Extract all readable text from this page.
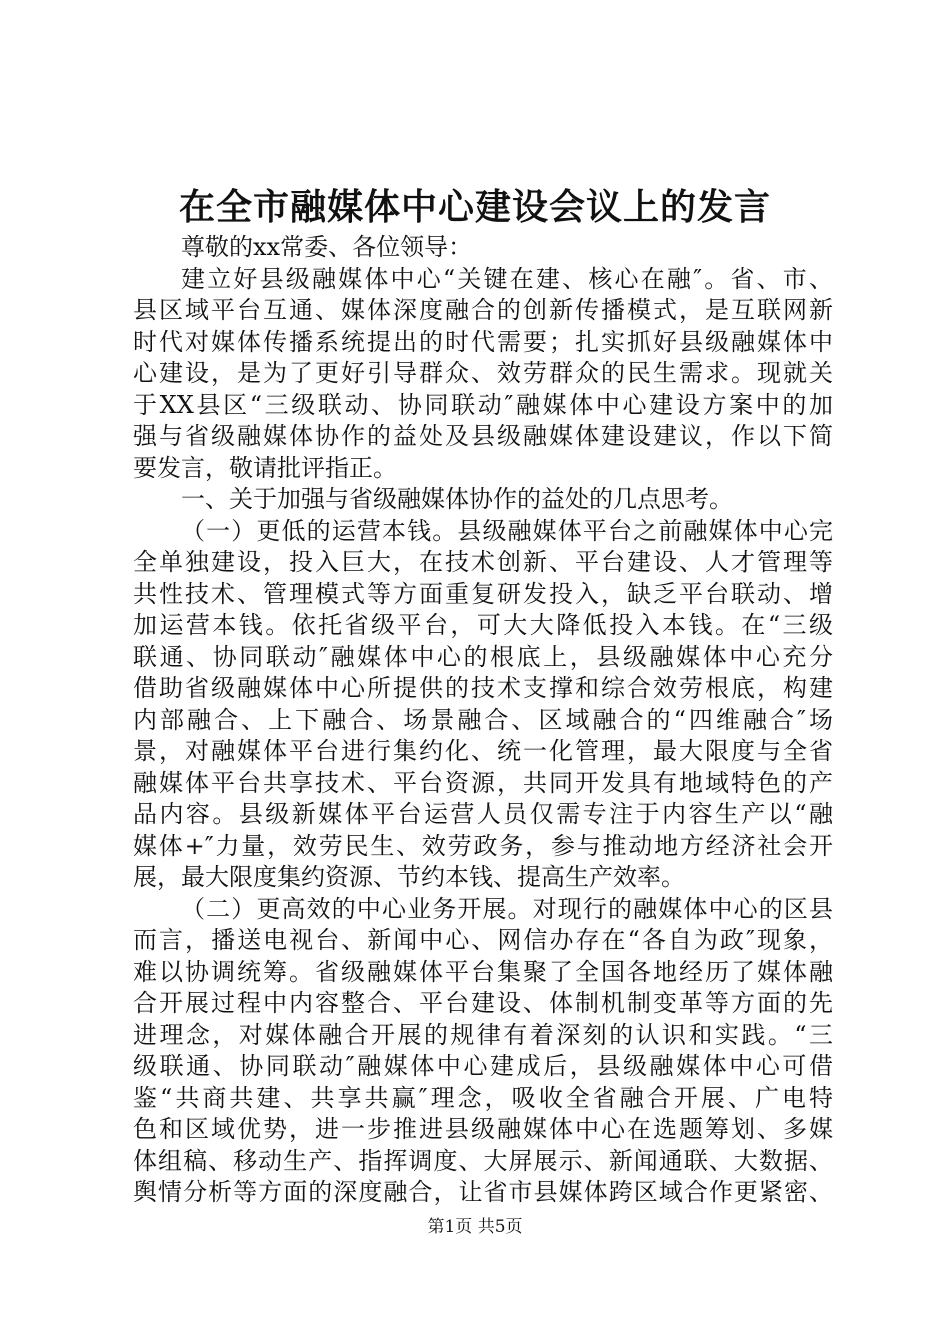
在全市融媒体中心建设会议上的发言
尊敬的xx常委、各位领导：
建立好县级融媒体中心“关键在建、核心在融″。省、市、
县区域平台互通、媒体深度融合的创新传播模式，是互联网新
时代对媒体传播系统提出的时代需要；扎实抓好县级融媒体中
心建设，是为了更好引导群众、效劳群众的民生需求。现就关
于XX县区“三级联动、协同联动″融媒体中心建设方案中的加
强与省级融媒体协作的益处及县级融媒体建设建议，作以下简
要发言，敬请批评指正。
一、关于加强与省级融媒体协作的益处的几点思考。
（一）更低的运营本钱。县级融媒体平台之前融媒体中心完
全单独建设，投入巨大，在技术创新、平台建设、人才管理等
共性技术、管理模式等方面重复研发投入，缺乏平台联动、增
加运营本钱。依托省级平台，可大大降低投入本钱。在“三级
联通、协同联动″融媒体中心的根底上，县级融媒体中心充分
借助省级融媒体中心所提供的技术支撑和综合效劳根底，构建
内部融合、上下融合、场景融合、区域融合的“四维融合″场
景，对融媒体平台进行集约化、统一化管理，最大限度与全省
融媒体平台共享技术、平台资源，共同开发具有地域特色的产
品内容。县级新媒体平台运营人员仅需专注于内容生产以“融
媒体+″力量，效劳民生、效劳政务，参与推动地方经济社会开
展，最大限度集约资源、节约本钱、提高生产效率。
（二）更高效的中心业务开展。对现行的融媒体中心的区县
而言，播送电视台、新闻中心、网信办存在“各自为政″现象，
难以协调统筹。省级融媒体平台集聚了全国各地经历了媒体融
合开展过程中内容整合、平台建设、体制机制变革等方面的先
进理念，对媒体融合开展的规律有着深刻的认识和实践。“三
级联通、协同联动″融媒体中心建成后，县级融媒体中心可借
鉴“共商共建、共享共赢″理念，吸收全省融合开展、广电特
色和区域优势，进一步推进县级融媒体中心在选题筹划、多媒
体组稿、移动生产、指挥调度、大屏展示、新闻通联、大数据、
舆情分析等方面的深度融合，让省市县媒体跨区域合作更紧密、
第1页 共5页
